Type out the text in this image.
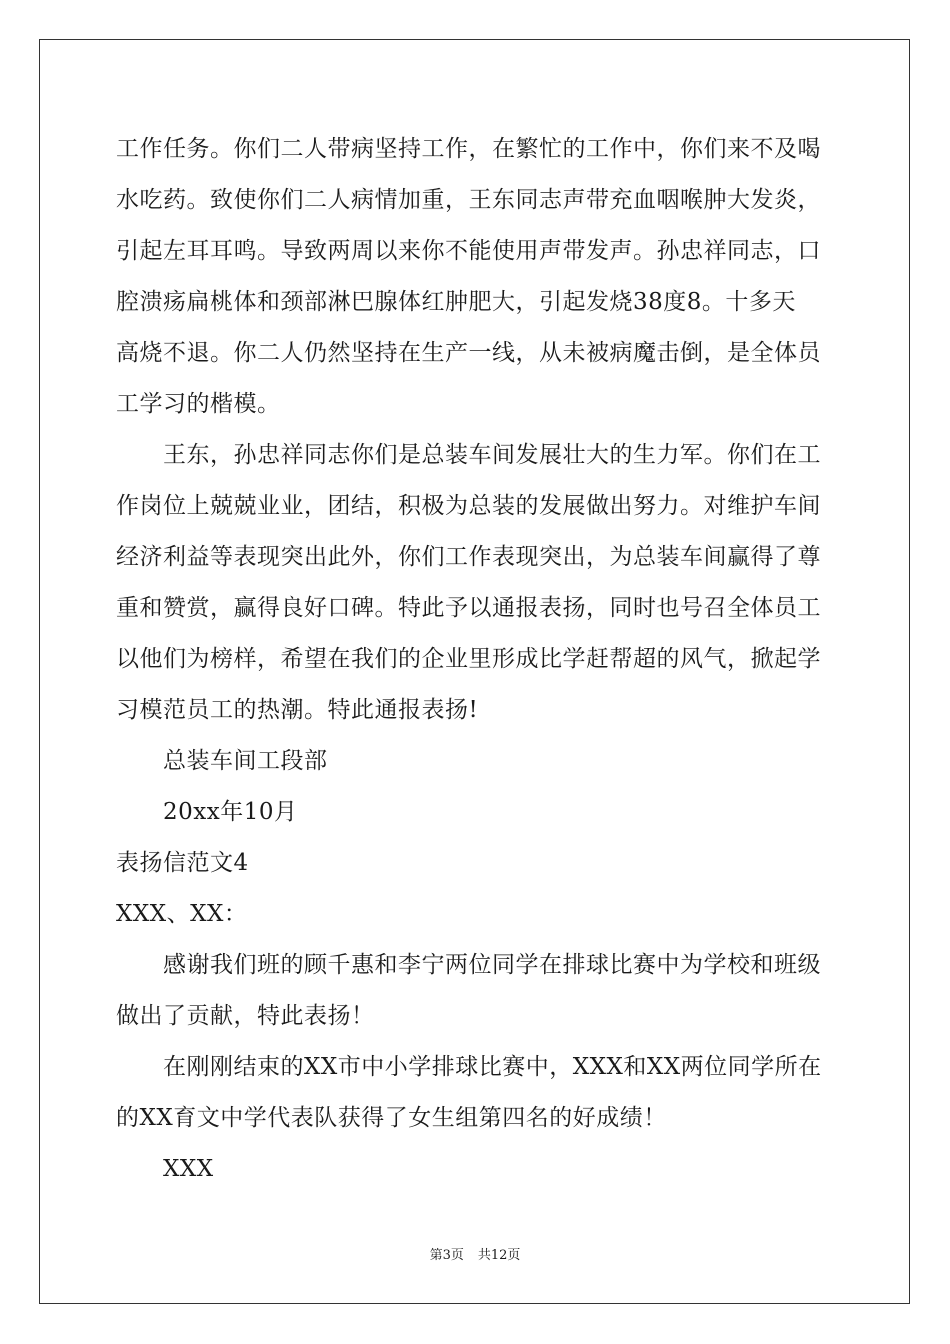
工作任务。你们二人带病坚持工作，在繁忙的工作中，你们来不及喝
水吃药。致使你们二人病情加重，王东同志声带充血咽喉肿大发炎，
引起左耳耳鸣。导致两周以来你不能使用声带发声。孙忠祥同志，口
腔溃疡扁桃体和颈部淋巴腺体红肿肥大，引起发烧38度8。十多天
高烧不退。你二人仍然坚持在生产一线，从未被病魔击倒，是全体员
工学习的楷模。
王东，孙忠祥同志你们是总装车间发展壮大的生力军。你们在工
作岗位上兢兢业业，团结，积极为总装的发展做出努力。对维护车间
经济利益等表现突出此外，你们工作表现突出，为总装车间赢得了尊
重和赞赏，赢得良好口碑。特此予以通报表扬，同时也号召全体员工
以他们为榜样，希望在我们的企业里形成比学赶帮超的风气，掀起学
习模范员工的热潮。特此通报表扬!
总装车间工段部
20xx年10月
表扬信范文4
XXX、XX：
感谢我们班的顾千惠和李宁两位同学在排球比赛中为学校和班级
做出了贡献，特此表扬！
在刚刚结束的XX市中小学排球比赛中，XXX和XX两位同学所在
的XX育文中学代表队获得了女生组第四名的好成绩！
XXX
第3页 共12页
